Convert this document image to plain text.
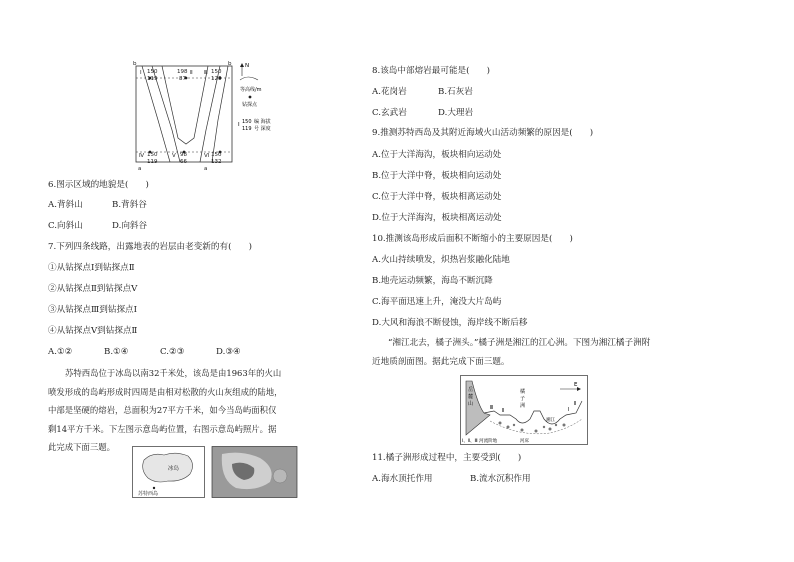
Ⅰ 150
119
198
87
Ⅱ Ⅲ 150
120
Ⅳ 150
119
Ⅴ 98
66
Ⅵ 150
132
b	b
a	a
N
等高线/m
钻探点
Ⅰ 150
119
编 海拔
号 深度
6.图示区域的地貌是(　　)
A.背斜山	B.背斜谷
C.向斜山	D.向斜谷
7.下列四条线路，出露地表的岩层由老变新的有(　　)
①从钻探点Ⅰ到钻探点Ⅱ
②从钻探点Ⅱ到钻探点Ⅴ
③从钻探点Ⅲ到钻探点Ⅰ
④从钻探点Ⅴ到钻探点Ⅱ
A.①②	B.①④	C.②③	D.③④
苏特西岛位于冰岛以南32千米处，该岛是由1963年的火山喷发形成的岛屿形成时四周是由相对松散的火山灰组成的陆地，中部是坚硬的熔岩，总面积为27平方千米，如今当岛屿面积仅剩14平方千米。下左图示意岛屿位置，右图示意岛屿照片。据此完成下面三题。
冰岛
苏特西岛
8.该岛中部熔岩最可能是(　　)
A.花岗岩	B.石灰岩
C.玄武岩	D.大理岩
9.推测苏特西岛及其附近海域火山活动频繁的原因是(　　)
A.位于大洋海沟，板块相向运动处
B.位于大洋中脊，板块相向运动处
C.位于大洋中脊，板块相离运动处
D.位于大洋海沟，板块相离运动处
10.推测该岛形成后面积不断缩小的主要原因是(　　)
A.火山持续喷发，炽热岩浆融化陆地
B.地壳运动频繁，海岛不断沉降
C.海平面迅速上升，淹没大片岛屿
D.大风和海浪不断侵蚀，海岸线不断后移
“湘江北去，橘子洲头。”橘子洲是湘江的江心洲。下图为湘江橘子洲附
近地质剖面图。据此完成下面三题。
岳
麓
山
橘
子
洲
Ⅲ Ⅱ	Ⅰ
Ⅱ
E
湘江
Ⅰ、Ⅱ、Ⅲ 河流阶地	河床
11.橘子洲形成过程中，主要受到(　　)
A.海水顶托作用	B.流水沉积作用
